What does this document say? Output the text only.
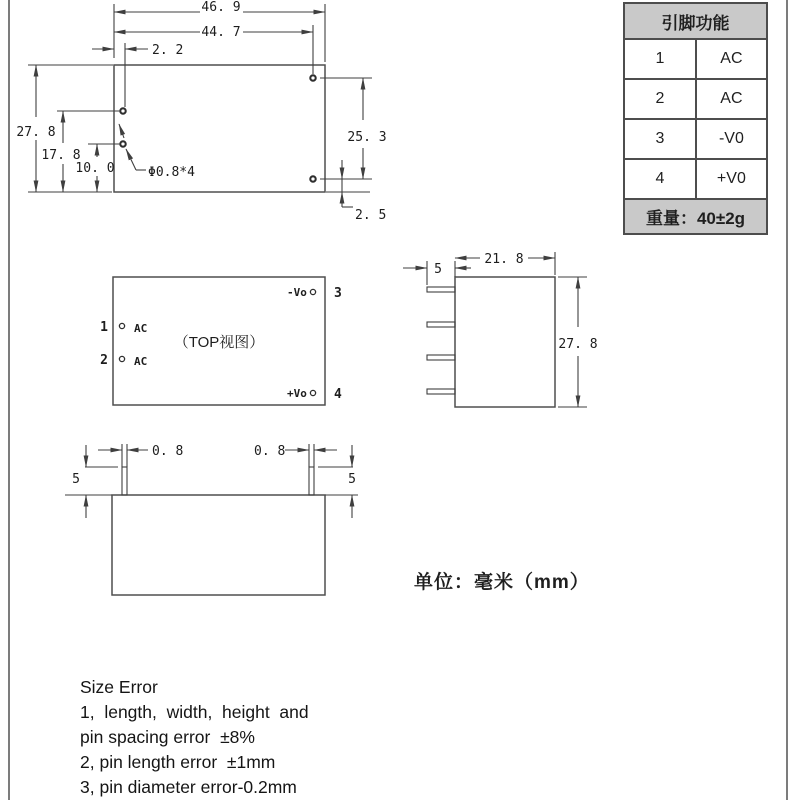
46. 9
44. 7
2. 2
27. 8
17. 8
10. 0	Φ0.8*4
25. 3
2. 5
1 AC
2 AC
-Vo 3
+Vo 4
（TOP视图）
5
21. 8
27. 8
0. 8	0. 8
5	5
引脚功能	
1	AC
2	AC
3	-V0
4	+V0
重量：40±2g	
单位：毫米（mm）
Size Error
1,  length,  width,  height  and
pin spacing error  ±8%
2, pin length error  ±1mm
3, pin diameter error-0.2mm
